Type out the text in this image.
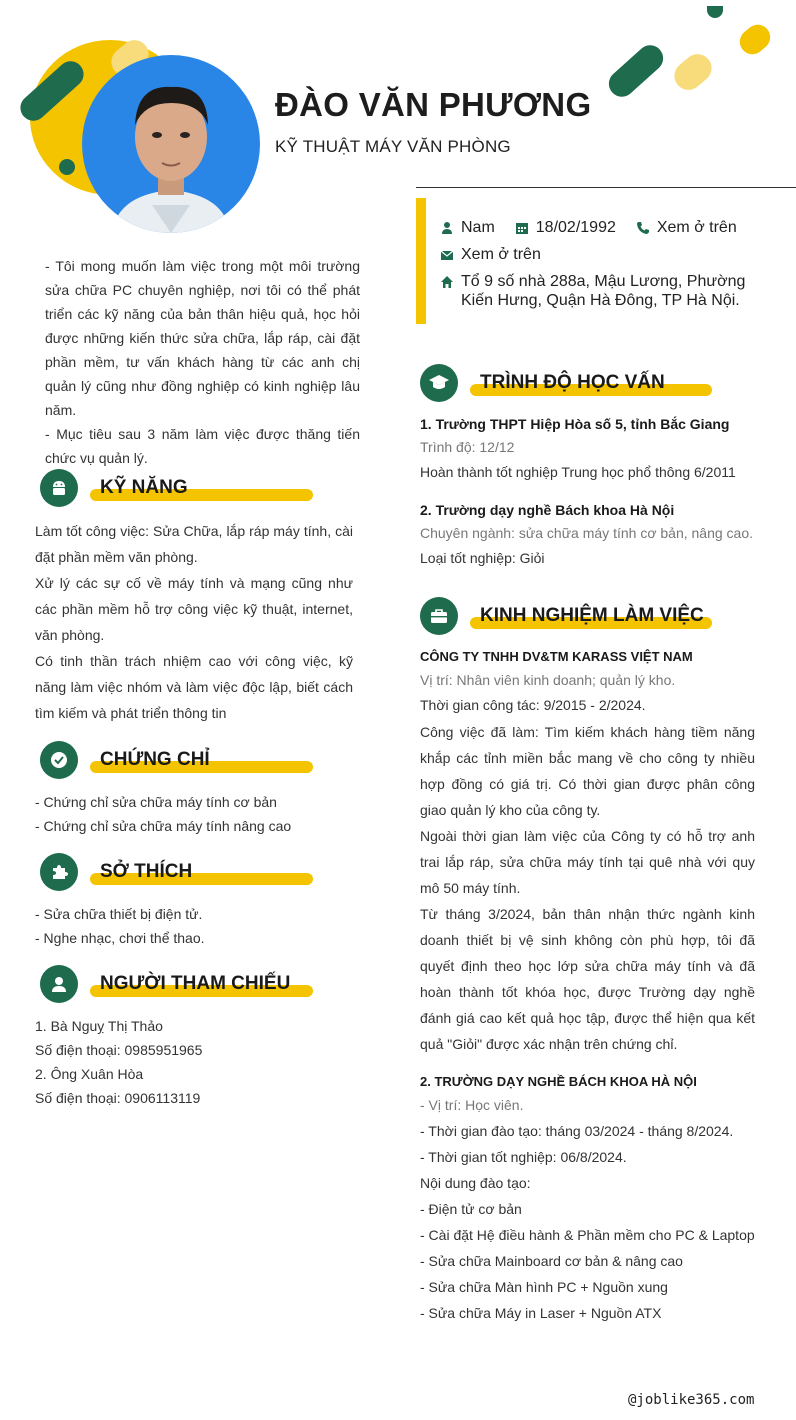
ĐÀO VĂN PHƯƠNG
KỸ THUẬT MÁY VĂN PHÒNG
Nam	18/02/1992	Xem ở trên
Xem ở trên
Tổ 9 số nhà 288a, Mậu Lương, Phường Kiến Hưng, Quận Hà Đông, TP Hà Nội.

- Tôi mong muốn làm việc trong một môi trường sửa chữa PC chuyên nghiệp, nơi tôi có thể phát triển các kỹ năng của bản thân hiệu quả, học hỏi được những kiến thức sửa chữa, lắp ráp, cài đặt phần mềm, tư vấn khách hàng từ các anh chị quản lý cũng như đồng nghiệp có kinh nghiệp lâu năm.

- Mục tiêu sau 3 năm làm việc được thăng tiến chức vụ quản lý.

KỸ NĂNG

Làm tốt công việc: Sửa Chữa, lắp ráp máy tính, cài đặt phần mềm văn phòng.

Xử lý các sự cố về máy tính và mạng cũng như các phần mềm hỗ trợ công việc kỹ thuật, internet, văn phòng.

Có tinh thần trách nhiệm cao với công việc, kỹ năng làm việc nhóm và làm việc độc lập, biết cách tìm kiếm và phát triển thông tin

CHỨNG CHỈ

- Chứng chỉ sửa chữa máy tính cơ bản

- Chứng chỉ sửa chữa máy tính nâng cao

SỞ THÍCH

- Sửa chữa thiết bị điện tử.

- Nghe nhạc, chơi thể thao.

NGƯỜI THAM CHIẾU

1. Bà Nguỵ Thị Thảo

Số điện thoại: 0985951965

2. Ông Xuân Hòa

Số điện thoại: 0906113119

TRÌNH ĐỘ HỌC VẤN

1. Trường THPT Hiệp Hòa số 5, tỉnh Bắc Giang

Trình độ: 12/12

Hoàn thành tốt nghiệp Trung học phổ thông 6/2011

2. Trường dạy nghề Bách khoa Hà Nội

Chuyên ngành: sửa chữa máy tính cơ bản, nâng cao.

Loại tốt nghiệp: Giỏi

KINH NGHIỆM LÀM VIỆC

CÔNG TY TNHH DV&TM KARASS VIỆT NAM

Vị trí: Nhân viên kinh doanh; quản lý kho.

Thời gian công tác: 9/2015 - 2/2024.

Công việc đã làm: Tìm kiếm khách hàng tiềm năng khắp các tỉnh miền bắc mang về cho công ty nhiều hợp đồng có giá trị. Có thời gian được phân công giao quản lý kho của công ty.

Ngoài thời gian làm việc của Công ty có hỗ trợ anh trai lắp ráp, sửa chữa máy tính tại quê nhà với quy mô 50 máy tính.

Từ tháng 3/2024, bản thân nhận thức ngành kinh doanh thiết bị vệ sinh không còn phù hợp, tôi đã quyết định theo học lớp sửa chữa máy tính và đã hoàn thành tốt khóa học, được Trường dạy nghề đánh giá cao kết quả học tập, được thể hiện qua kết quả "Giỏi" được xác nhận trên chứng chỉ.

2. TRƯỜNG DẠY NGHỀ BÁCH KHOA HÀ NỘI

- Vị trí: Học viên.

- Thời gian đào tạo: tháng 03/2024 - tháng 8/2024.

- Thời gian tốt nghiệp: 06/8/2024.

Nội dung đào tạo:

- Điện tử cơ bản

- Cài đặt Hệ điều hành & Phần mềm cho PC & Laptop

- Sửa chữa Mainboard cơ bản & nâng cao

- Sửa chữa Màn hình PC + Nguồn xung

- Sửa chữa Máy in Laser + Nguồn ATX

@joblike365.com
